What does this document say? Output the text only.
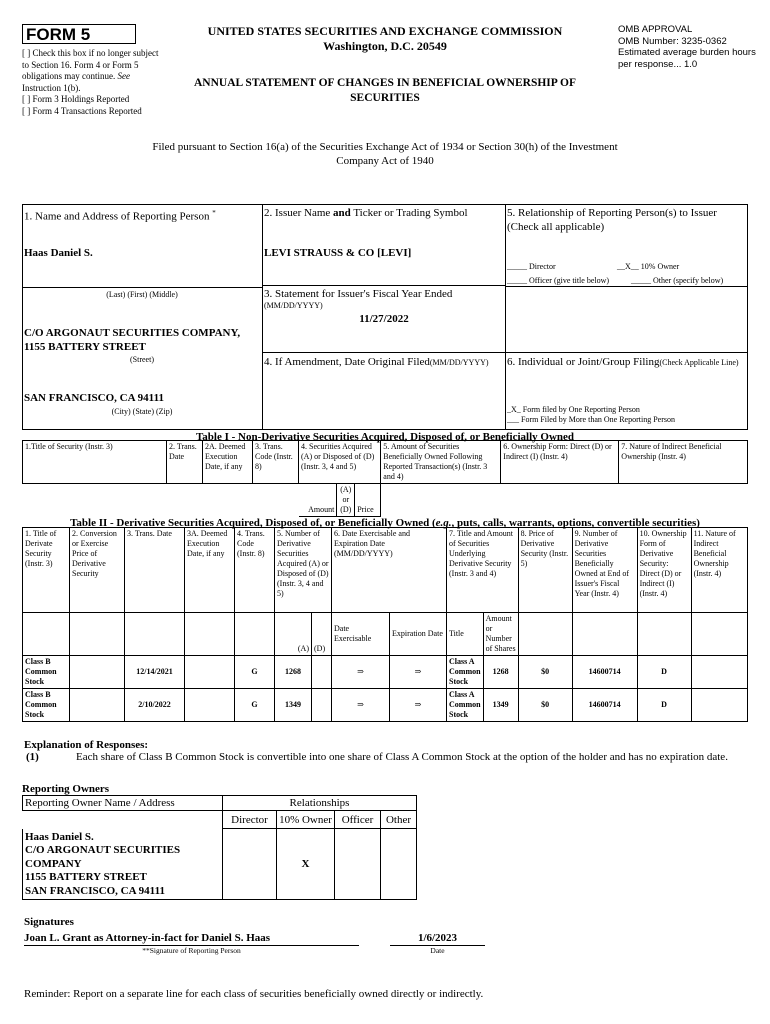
FORM 5
[ ] Check this box if no longer subject to Section 16. Form 4 or Form 5 obligations may continue. See Instruction 1(b).
[ ] Form 3 Holdings Reported
[ ] Form 4 Transactions Reported
UNITED STATES SECURITIES AND EXCHANGE COMMISSION
Washington, D.C. 20549
OMB APPROVAL
OMB Number: 3235-0362
Estimated average burden hours per response... 1.0
ANNUAL STATEMENT OF CHANGES IN BENEFICIAL OWNERSHIP OF SECURITIES
Filed pursuant to Section 16(a) of the Securities Exchange Act of 1934 or Section 30(h) of the Investment Company Act of 1940
1. Name and Address of Reporting Person *
Haas Daniel S.
(Last) (First) (Middle)
C/O ARGONAUT SECURITIES COMPANY, 1155 BATTERY STREET
(Street)
SAN FRANCISCO, CA 94111
(City) (State) (Zip)
2. Issuer Name and Ticker or Trading Symbol
LEVI STRAUSS & CO [LEVI]
3. Statement for Issuer's Fiscal Year Ended
(MM/DD/YYYY)
11/27/2022
4. If Amendment, Date Original Filed(MM/DD/YYYY)
5. Relationship of Reporting Person(s) to Issuer
(Check all applicable)
_____ Director	__X__ 10% Owner
_____ Officer (give title below)	_____ Other (specify below)
6. Individual or Joint/Group Filing(Check Applicable Line)
_X_ Form filed by One Reporting Person
___ Form Filed by More than One Reporting Person
Table I - Non-Derivative Securities Acquired, Disposed of, or Beneficially Owned
1.Title of Security (Instr. 3)	2. Trans. Date	2A. Deemed Execution Date, if any	3. Trans. Code (Instr. 8)	4. Securities Acquired (A) or Disposed of (D) (Instr. 3, 4 and 5)			5. Amount of Securities Beneficially Owned Following Reported Transaction(s) (Instr. 3 and 4)	6. Ownership Form: Direct (D) or Indirect (I) (Instr. 4)	7. Nature of Indirect Beneficial Ownership (Instr. 4)
				Amount	(A) or (D)	Price			
Table II - Derivative Securities Acquired, Disposed of, or Beneficially Owned (e.g., puts, calls, warrants, options, convertible securities)
1. Title of Derivate Security (Instr. 3)	2. Conversion or Exercise Price of Derivative Security	3. Trans. Date	3A. Deemed Execution Date, if any	4. Trans. Code (Instr. 8)	5. Number of Derivative Securities Acquired (A) or Disposed of (D) (Instr. 3, 4 and 5)		6. Date Exercisable and Expiration Date (MM/DD/YYYY)		7. Title and Amount of Securities Underlying Derivative Security (Instr. 3 and 4)		8. Price of Derivative Security (Instr. 5)	9. Number of Derivative Securities Beneficially Owned at End of Issuer's Fiscal Year (Instr. 4)	10. Ownership Form of Derivative Security: Direct (D) or Indirect (I) (Instr. 4)	11. Nature of Indirect Beneficial Ownership (Instr. 4)
					(A)	(D)	Date Exercisable	Expiration Date	Title	Amount or Number of Shares				
Class B Common Stock		12/14/2021		G	1268		⇒	⇒	Class A Common Stock	1268	$0	14600714	D	
Class B Common Stock		2/10/2022		G	1349		⇒	⇒	Class A Common Stock	1349	$0	14600714	D	
Explanation of Responses:
(1)	Each share of Class B Common Stock is convertible into one share of Class A Common Stock at the option of the holder and has no expiration date.
Reporting Owners
Reporting Owner Name / Address	Relationships			
	Director	10% Owner	Officer	Other

Haas Daniel S.
C/O ARGONAUT SECURITIES
COMPANY
1155 BATTERY STREET
SAN FRANCISCO, CA 94111		X		
Signatures
Joan L. Grant as Attorney-in-fact for Daniel S. Haas	1/6/2023
**Signature of Reporting Person	Date
Reminder: Report on a separate line for each class of securities beneficially owned directly or indirectly.
